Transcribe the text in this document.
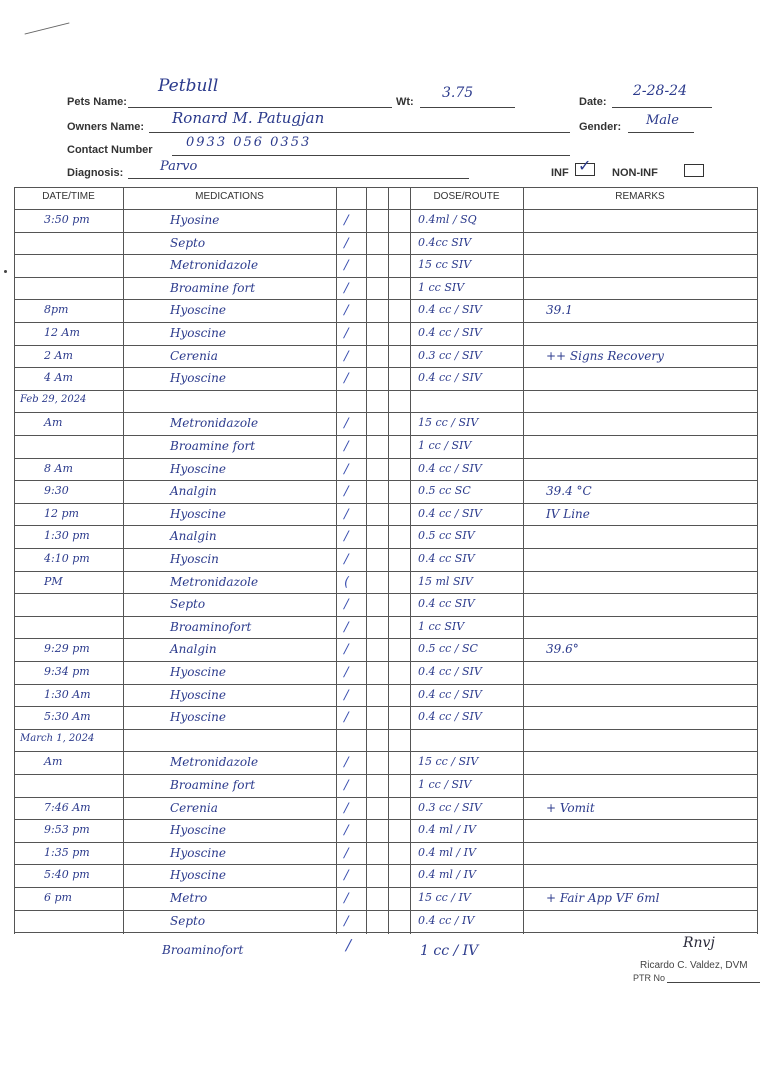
Pets Name:
Petbull
Wt:
3.75
Date:
2-28-24
Owners Name: Ronard M. Patugjan	Gender: Male
Contact Number	0933 056 0353
Diagnosis:	Parvo	INF ✓ NON-INF
DATE/TIME	MEDICATIONS	DOSE/ROUTE	REMARKS
3:50 pm	Hyosine	/	0.4ml / SQ
Septo	/	0.4cc SIV
Metronidazole	/	15 cc SIV
Broamine fort	/	1 cc SIV
8pm	Hyoscine	/	0.4 cc / SIV	39.1
12 Am	Hyoscine	/	0.4 cc / SIV
2 Am	Cerenia	/	0.3 cc / SIV	++ Signs Recovery
4 Am	Hyoscine	/	0.4 cc / SIV
Feb 29, 2024
Am	Metronidazole	/	15 cc / SIV
Broamine fort	/	1 cc / SIV
8 Am	Hyoscine	/	0.4 cc / SIV
9:30	Analgin	/	0.5 cc SC	39.4 °C
12 pm	Hyoscine	/	0.4 cc / SIV	IV Line
1:30 pm	Analgin	/	0.5 cc SIV
4:10 pm	Hyoscin	/	0.4 cc SIV
PM	Metronidazole	(	15 ml SIV
Septo	/	0.4 cc SIV
Broaminofort	/	1 cc SIV
9:29 pm	Analgin	/	0.5 cc / SC	39.6°
9:34 pm	Hyoscine	/	0.4 cc / SIV
1:30 Am	Hyoscine	/	0.4 cc / SIV
5:30 Am	Hyoscine	/	0.4 cc / SIV
March 1, 2024
Am	Metronidazole	/	15 cc / SIV
Broamine fort	/	1 cc / SIV
7:46 Am	Cerenia	/	0.3 cc / SIV	+ Vomit
9:53 pm	Hyoscine	/	0.4 ml / IV
1:35 pm	Hyoscine	/	0.4 ml / IV
5:40 pm	Hyoscine	/	0.4 ml / IV
6 pm	Metro	/	15 cc / IV	+ Fair App VF 6ml
Septo	/	0.4 cc / IV
Broaminofort	/	1 cc / IV	Rnvj
Ricardo C. Valdez, DVM
PTR No
